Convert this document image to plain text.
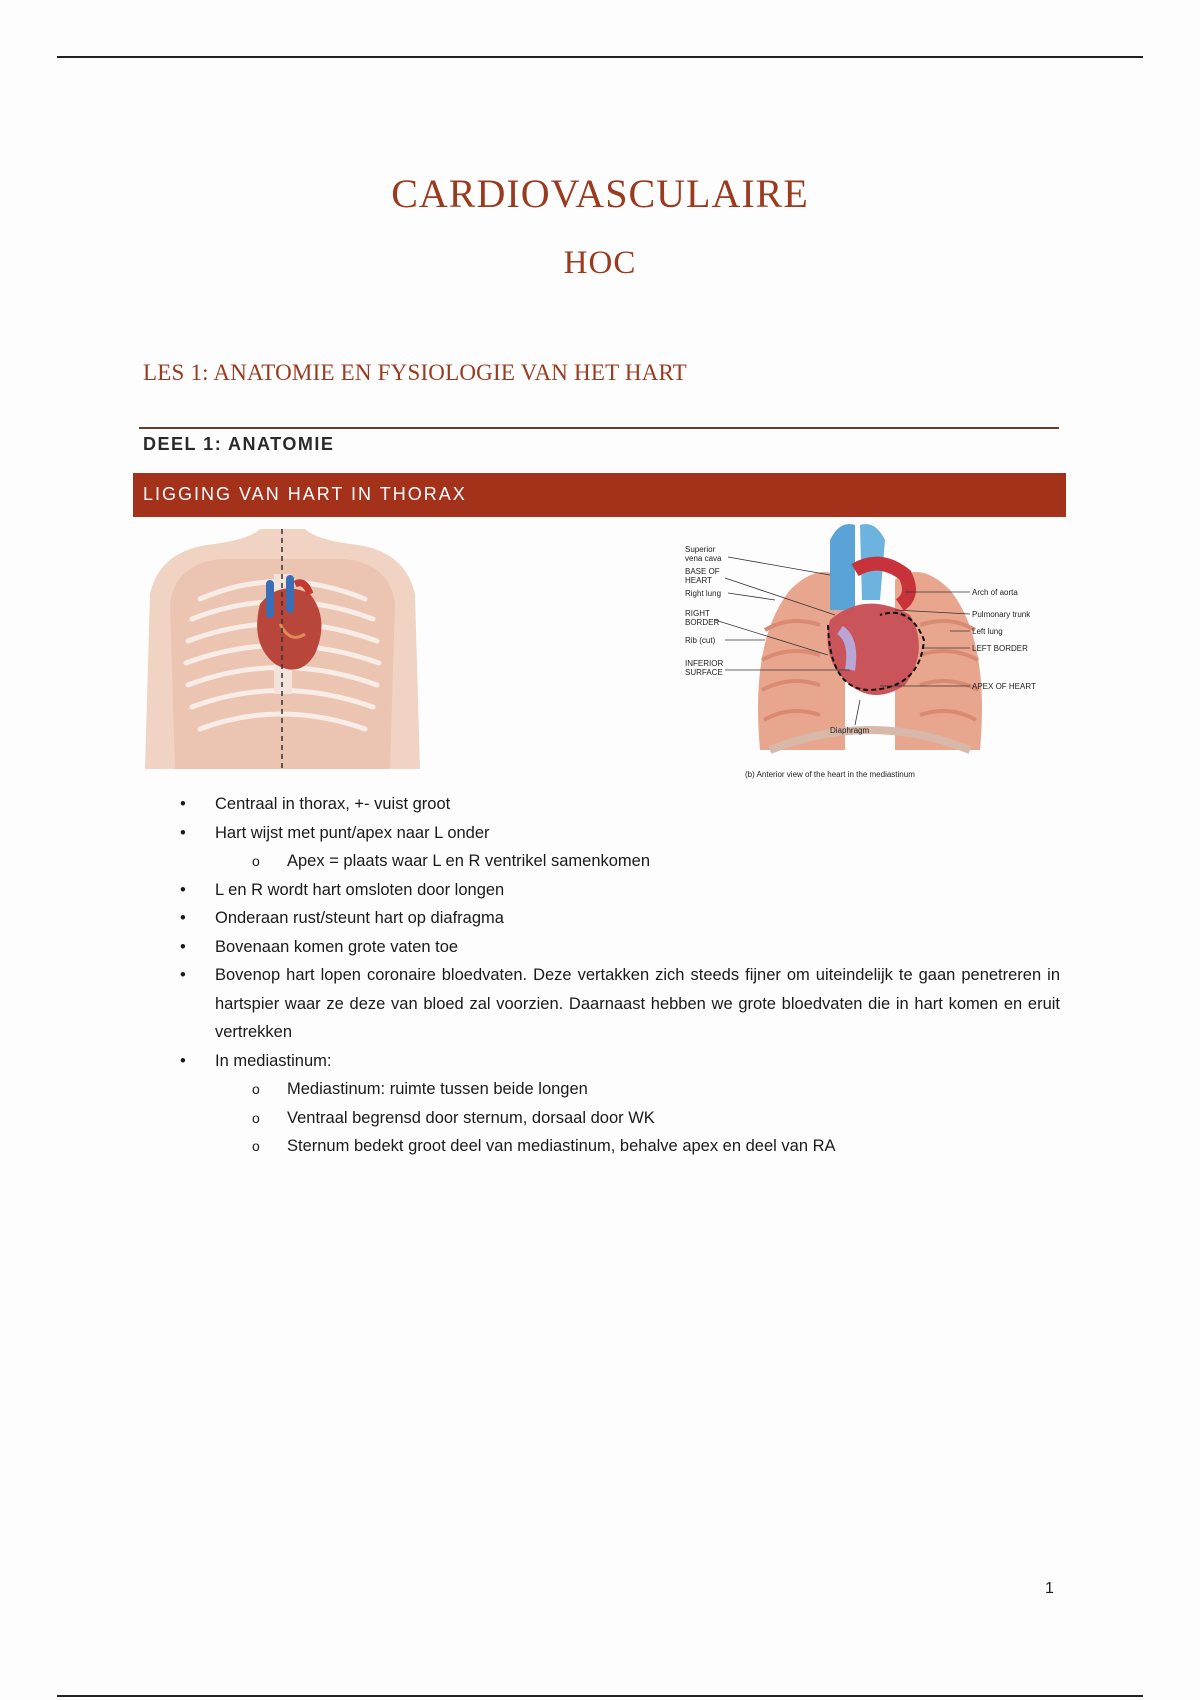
CARDIOVASCULAIRE
HOC
LES 1: ANATOMIE EN FYSIOLOGIE VAN HET HART
DEEL 1: ANATOMIE
LIGGING VAN HART IN THORAX
Superior
vena cava
BASE OF
HEART
Right lung
RIGHT
BORDER
Rib (cut)
INFERIOR
SURFACE
Arch of aorta
Pulmonary trunk
Left lung
LEFT BORDER
APEX OF HEART
Diaphragm
(b) Anterior view of the heart in the mediastinum
•	Centraal in thorax, +- vuist groot
•	Hart wijst met punt/apex naar L onder
o	Apex = plaats waar L en R ventrikel samenkomen
•	L en R wordt hart omsloten door longen
•	Onderaan rust/steunt hart op diafragma
•	Bovenaan komen grote vaten toe
•	Bovenop hart lopen coronaire bloedvaten. Deze vertakken zich steeds fijner om uiteindelijk te gaan penetreren in hartspier waar ze deze van bloed zal voorzien. Daarnaast hebben we grote bloedvaten die in hart komen en eruit vertrekken
•	In mediastinum:
o	Mediastinum: ruimte tussen beide longen
o	Ventraal begrensd door sternum, dorsaal door WK
o	Sternum bedekt groot deel van mediastinum, behalve apex en deel van RA
1
